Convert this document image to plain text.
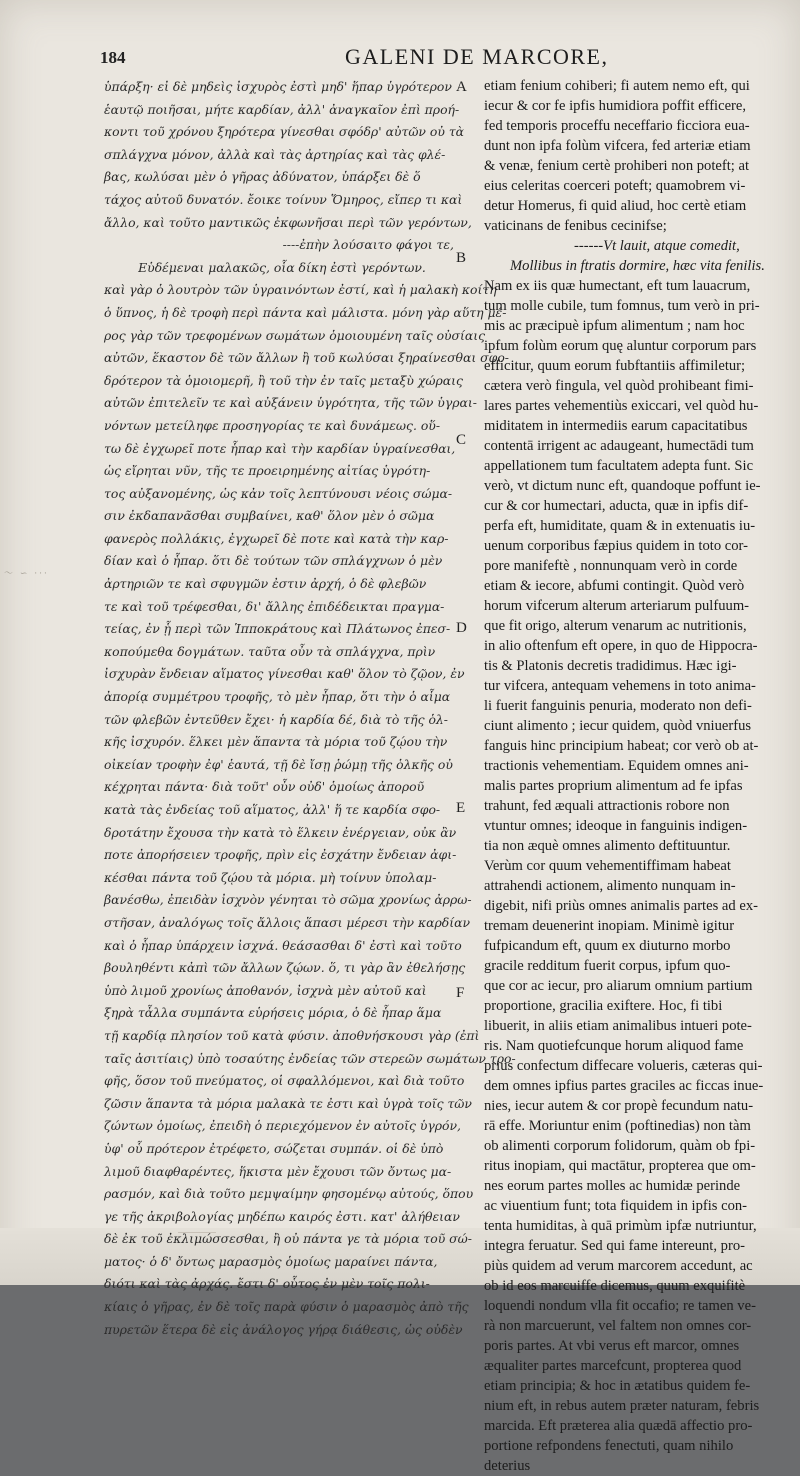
184	GALENI DE MARCORE,
ὑπάρξη· εἰ δὲ μηδεὶς ἰσχυρὸς ἐστὶ μηδ' ἥπαρ ὑγρότερον
ἑαυτῷ ποιῆσαι, μήτε καρδίαν, ἀλλ' ἀναγκαῖον ἐπὶ προή-
κοντι τοῦ χρόνου ξηρότερα γίνεσθαι σφόδρ' αὐτῶν οὐ τὰ
σπλάγχνα μόνον, ἀλλὰ καὶ τὰς ἀρτηρίας καὶ τὰς φλέ-
βας, κωλύσαι μὲν ὁ γῆρας ἀδύνατον, ὑπάρξει δὲ ὅ
τάχος αὐτοῦ δυνατόν. ἔοικε τοίνυν Ὅμηρος, εἴπερ τι καὶ
ἄλλο, καὶ τοῦτο μαντικῶς ἐκφωνῆσαι περὶ τῶν γερόντων,
----ἐπὴν λούσαιτο φάγοι τε,
Εὑδέμεναι μαλακῶς, οἷα δίκη ἐστὶ γερόντων.
καὶ γὰρ ὁ λουτρὸν τῶν ὑγραινόντων ἐστί, καὶ ἡ μαλακὴ κοίτη
ὁ ὕπνος, ἡ δὲ τροφὴ περὶ πάντα καὶ μάλιστα. μόνη γὰρ αὕτη μέ-
ρος γὰρ τῶν τρεφομένων σωμάτων ὁμοιουμένη ταῖς οὐσίαις
αὐτῶν, ἕκαστον δὲ τῶν ἄλλων ἢ τοῦ κωλύσαι ξηραίνεσθαι σφο-
δρότερον τὰ ὁμοιομερῆ, ἢ τοῦ τὴν ἐν ταῖς μεταξὺ χώραις
αὐτῶν ἐπιτελεῖν τε καὶ αὐξάνειν ὑγρότητα, τῆς τῶν ὑγραι-
νόντων μετείληφε προσηγορίας τε καὶ δυνάμεως. οὕ-
τω δὲ ἐγχωρεῖ ποτε ἧπαρ καὶ τὴν καρδίαν ὑγραίνεσθαι,
ὡς εἴρηται νῦν, τῆς τε προειρημένης αἰτίας ὑγρότη-
τος αὐξανομένης, ὡς κἀν τοῖς λεπτύνουσι νέοις σώμα-
σιν ἐκδαπανᾶσθαι συμβαίνει, καθ' ὅλον μὲν ὁ σῶμα
φανερὸς πολλάκις, ἐγχωρεῖ δὲ ποτε καὶ κατὰ τὴν καρ-
δίαν καὶ ὁ ἧπαρ. ὅτι δὲ τούτων τῶν σπλάγχνων ὁ μὲν
ἀρτηριῶν τε καὶ σφυγμῶν ἐστιν ἀρχή, ὁ δὲ φλεβῶν
τε καὶ τοῦ τρέφεσθαι, δι' ἄλλης ἐπιδέδεικται πραγμα-
τείας, ἐν ᾗ περὶ τῶν Ἱπποκράτους καὶ Πλάτωνος ἐπεσ-
κοπούμεθα δογμάτων. ταῦτα οὖν τὰ σπλάγχνα, πρὶν
ἰσχυρὰν ἔνδειαν αἵματος γίνεσθαι καθ' ὅλον τὸ ζῷον, ἐν
ἀπορίᾳ συμμέτρου τροφῆς, τὸ μὲν ἧπαρ, ὅτι τὴν ὁ αἷμα
τῶν φλεβῶν ἐντεῦθεν ἔχει· ἡ καρδία δέ, διὰ τὸ τῆς ὁλ-
κῆς ἰσχυρόν. ἕλκει μὲν ἅπαντα τὰ μόρια τοῦ ζῴου τὴν
οἰκείαν τροφὴν ἐφ' ἑαυτά, τῇ δὲ ἴσῃ ῥώμῃ τῆς ὁλκῆς οὐ
κέχρηται πάντα· διὰ τοῦτ' οὖν οὐδ' ὁμοίως ἀποροῦ
κατὰ τὰς ἐνδείας τοῦ αἵματος, ἀλλ' ἥ τε καρδία σφο-
δροτάτην ἔχουσα τὴν κατὰ τὸ ἕλκειν ἐνέργειαν, οὐκ ἂν
ποτε ἀπορήσειεν τροφῆς, πρὶν εἰς ἐσχάτην ἔνδειαν ἀφι-
κέσθαι πάντα τοῦ ζῴου τὰ μόρια. μὴ τοίνυν ὑπολαμ-
βανέσθω, ἐπειδὰν ἰσχνὸν γένηται τὸ σῶμα χρονίως ἀρρω-
στῆσαν, ἀναλόγως τοῖς ἄλλοις ἅπασι μέρεσι τὴν καρδίαν
καὶ ὁ ἧπαρ ὑπάρχειν ἰσχνά. θεάσασθαι δ' ἐστὶ καὶ τοῦτο
βουληθέντι κἀπὶ τῶν ἄλλων ζῴων. ὅ, τι γὰρ ἂν ἐθελήσῃς
ὑπὸ λιμοῦ χρονίως ἀποθανόν, ἰσχνὰ μὲν αὐτοῦ καὶ
ξηρὰ τἆλλα συμπάντα εὑρήσεις μόρια, ὁ δὲ ἧπαρ ἅμα
τῇ καρδίᾳ πλησίον τοῦ κατὰ φύσιν. ἀποθνήσκουσι γὰρ (ἐπὶ
ταῖς ἀσιτίαις) ὑπὸ τοσαύτης ἐνδείας τῶν στερεῶν σωμάτων τρο-
φῆς, ὅσον τοῦ πνεύματος, οἱ σφαλλόμενοι, καὶ διὰ τοῦτο
ζῶσιν ἅπαντα τὰ μόρια μαλακὰ τε ἐστι καὶ ὑγρὰ τοῖς τῶν
ζώντων ὁμοίως, ἐπειδὴ ὁ περιεχόμενον ἐν αὐτοῖς ὑγρόν,
ὑφ' οὗ πρότερον ἐτρέφετο, σώζεται συμπάν. οἱ δὲ ὑπὸ
λιμοῦ διαφθαρέντες, ἥκιστα μὲν ἔχουσι τῶν ὄντως μα-
ρασμόν, καὶ διὰ τοῦτο μεμψαίμην φησομένῳ αὐτούς, ὅπου
γε τῆς ἀκριβολογίας μηδέπω καιρός ἐστι. κατ' ἀλήθειαν
δὲ ἐκ τοῦ ἐκλιμώσσεσθαι, ἢ οὐ πάντα γε τὰ μόρια τοῦ σώ-
ματος· ὁ δ' ὄντως μαρασμὸς ὁμοίως μαραίνει πάντα,
διότι καὶ τὰς ἀρχάς. ἔστι δ' οὗτος ἐν μὲν τοῖς πολι-
κίαις ὁ γῆρας, ἐν δὲ τοῖς παρὰ φύσιν ὁ μαρασμὸς ἀπὸ τῆς
πυρετῶν ἕτερα δὲ εἰς ἀνάλογος γήρᾳ διάθεσις, ὡς οὐδὲν
etiam fenium cohiberi; fi autem nemo eft, qui
iecur & cor fe ipfis humidiora poffit efficere,
fed temporis proceffu neceffario ficciora eua-
dunt non ipfa folùm vifcera, fed arteriæ etiam
& venæ, fenium certè prohiberi non poteft; at
eius celeritas coerceri poteft; quamobrem vi-
detur Homerus, fi quid aliud, hoc certè etiam
vaticinans de fenibus cecinifse;
------Vt lauit, atque comedit,
Mollibus in ftratis dormire, hæc vita fenilis.
Nam ex iis quæ humectant, eft tum lauacrum,
tum molle cubile, tum fomnus, tum verò in pri-
mis ac præcipuè ipfum alimentum ; nam hoc
ipfum folùm eorum quę aluntur corporum pars
efficitur, quum eorum fubftantiis affimiletur;
cætera verò fingula, vel quòd prohibeant fimi-
lares partes vehementiùs exiccari, vel quòd hu-
miditatem in intermediis earum capacitatibus
contentā irrigent ac adaugeant, humectādi tum
appellationem tum facultatem adepta funt. Sic
verò, vt dictum nunc eft, quandoque poffunt ie-
cur & cor humectari, aducta, quæ in ipfis dif-
perfa eft, humiditate, quam & in extenuatis iu-
uenum corporibus fæpius quidem in toto cor-
pore manifeftè , nonnunquam verò in corde
etiam & iecore, abfumi contingit. Quòd verò
horum vifcerum alterum arteriarum pulfuum-
que fit origo, alterum venarum ac nutritionis,
in alio oftenfum eft opere, in quo de Hippocra-
tis & Platonis decretis tradidimus. Hæc igi-
tur vifcera, antequam vehemens in toto anima-
li fuerit fanguinis penuria, moderato non defi-
ciunt alimento ; iecur quidem, quòd vniuerfus
fanguis hinc principium habeat; cor verò ob at-
tractionis vehementiam. Equidem omnes ani-
malis partes proprium alimentum ad fe ipfas
trahunt, fed æquali attractionis robore non
vtuntur omnes; ideoque in fanguinis indigen-
tia non æquè omnes alimento deftituuntur.
Verùm cor quum vehementiffimam habeat
attrahendi actionem, alimento nunquam in-
digebit, nifi priùs omnes animalis partes ad ex-
tremam deuenerint inopiam. Minimè igitur
fufpicandum eft, quum ex diuturno morbo
gracile redditum fuerit corpus, ipfum quo-
que cor ac iecur, pro aliarum omnium partium
proportione, gracilia exiftere. Hoc, fi tibi
libuerit, in aliis etiam animalibus intueri pote-
ris. Nam quotiefcunque horum aliquod fame
prius confectum diffecare volueris, cæteras qui-
dem omnes ipfius partes graciles ac ficcas inue-
nies, iecur autem & cor propè fecundum natu-
rā effe. Moriuntur enim (poftinedias) non tàm
ob alimenti corporum folidorum, quàm ob fpi-
ritus inopiam, qui mactātur, propterea que om-
nes eorum partes molles ac humidæ perinde
ac viuentium funt; tota fiquidem in ipfis con-
tenta humiditas, à quā primùm ipfæ nutriuntur,
integra feruatur. Sed qui fame intereunt, pro-
piùs quidem ad verum marcorem accedunt, ac
ob id eos marcuiffe dicemus, quum exquifitè
loquendi nondum vlla fit occafio; re tamen ve-
rà non marcuerunt, vel faltem non omnes cor-
poris partes. At vbi verus eft marcor, omnes
æqualiter partes marcefcunt, propterea quod
etiam principia; & hoc in ætatibus quidem fe-
nium eft, in rebus autem præter naturam, febris
marcida. Eft præterea alia quædā affectio pro-
portione refpondens fenectuti, quam nihilo
deterius
A
B
C
D
E
F
〜 ∽ ···
